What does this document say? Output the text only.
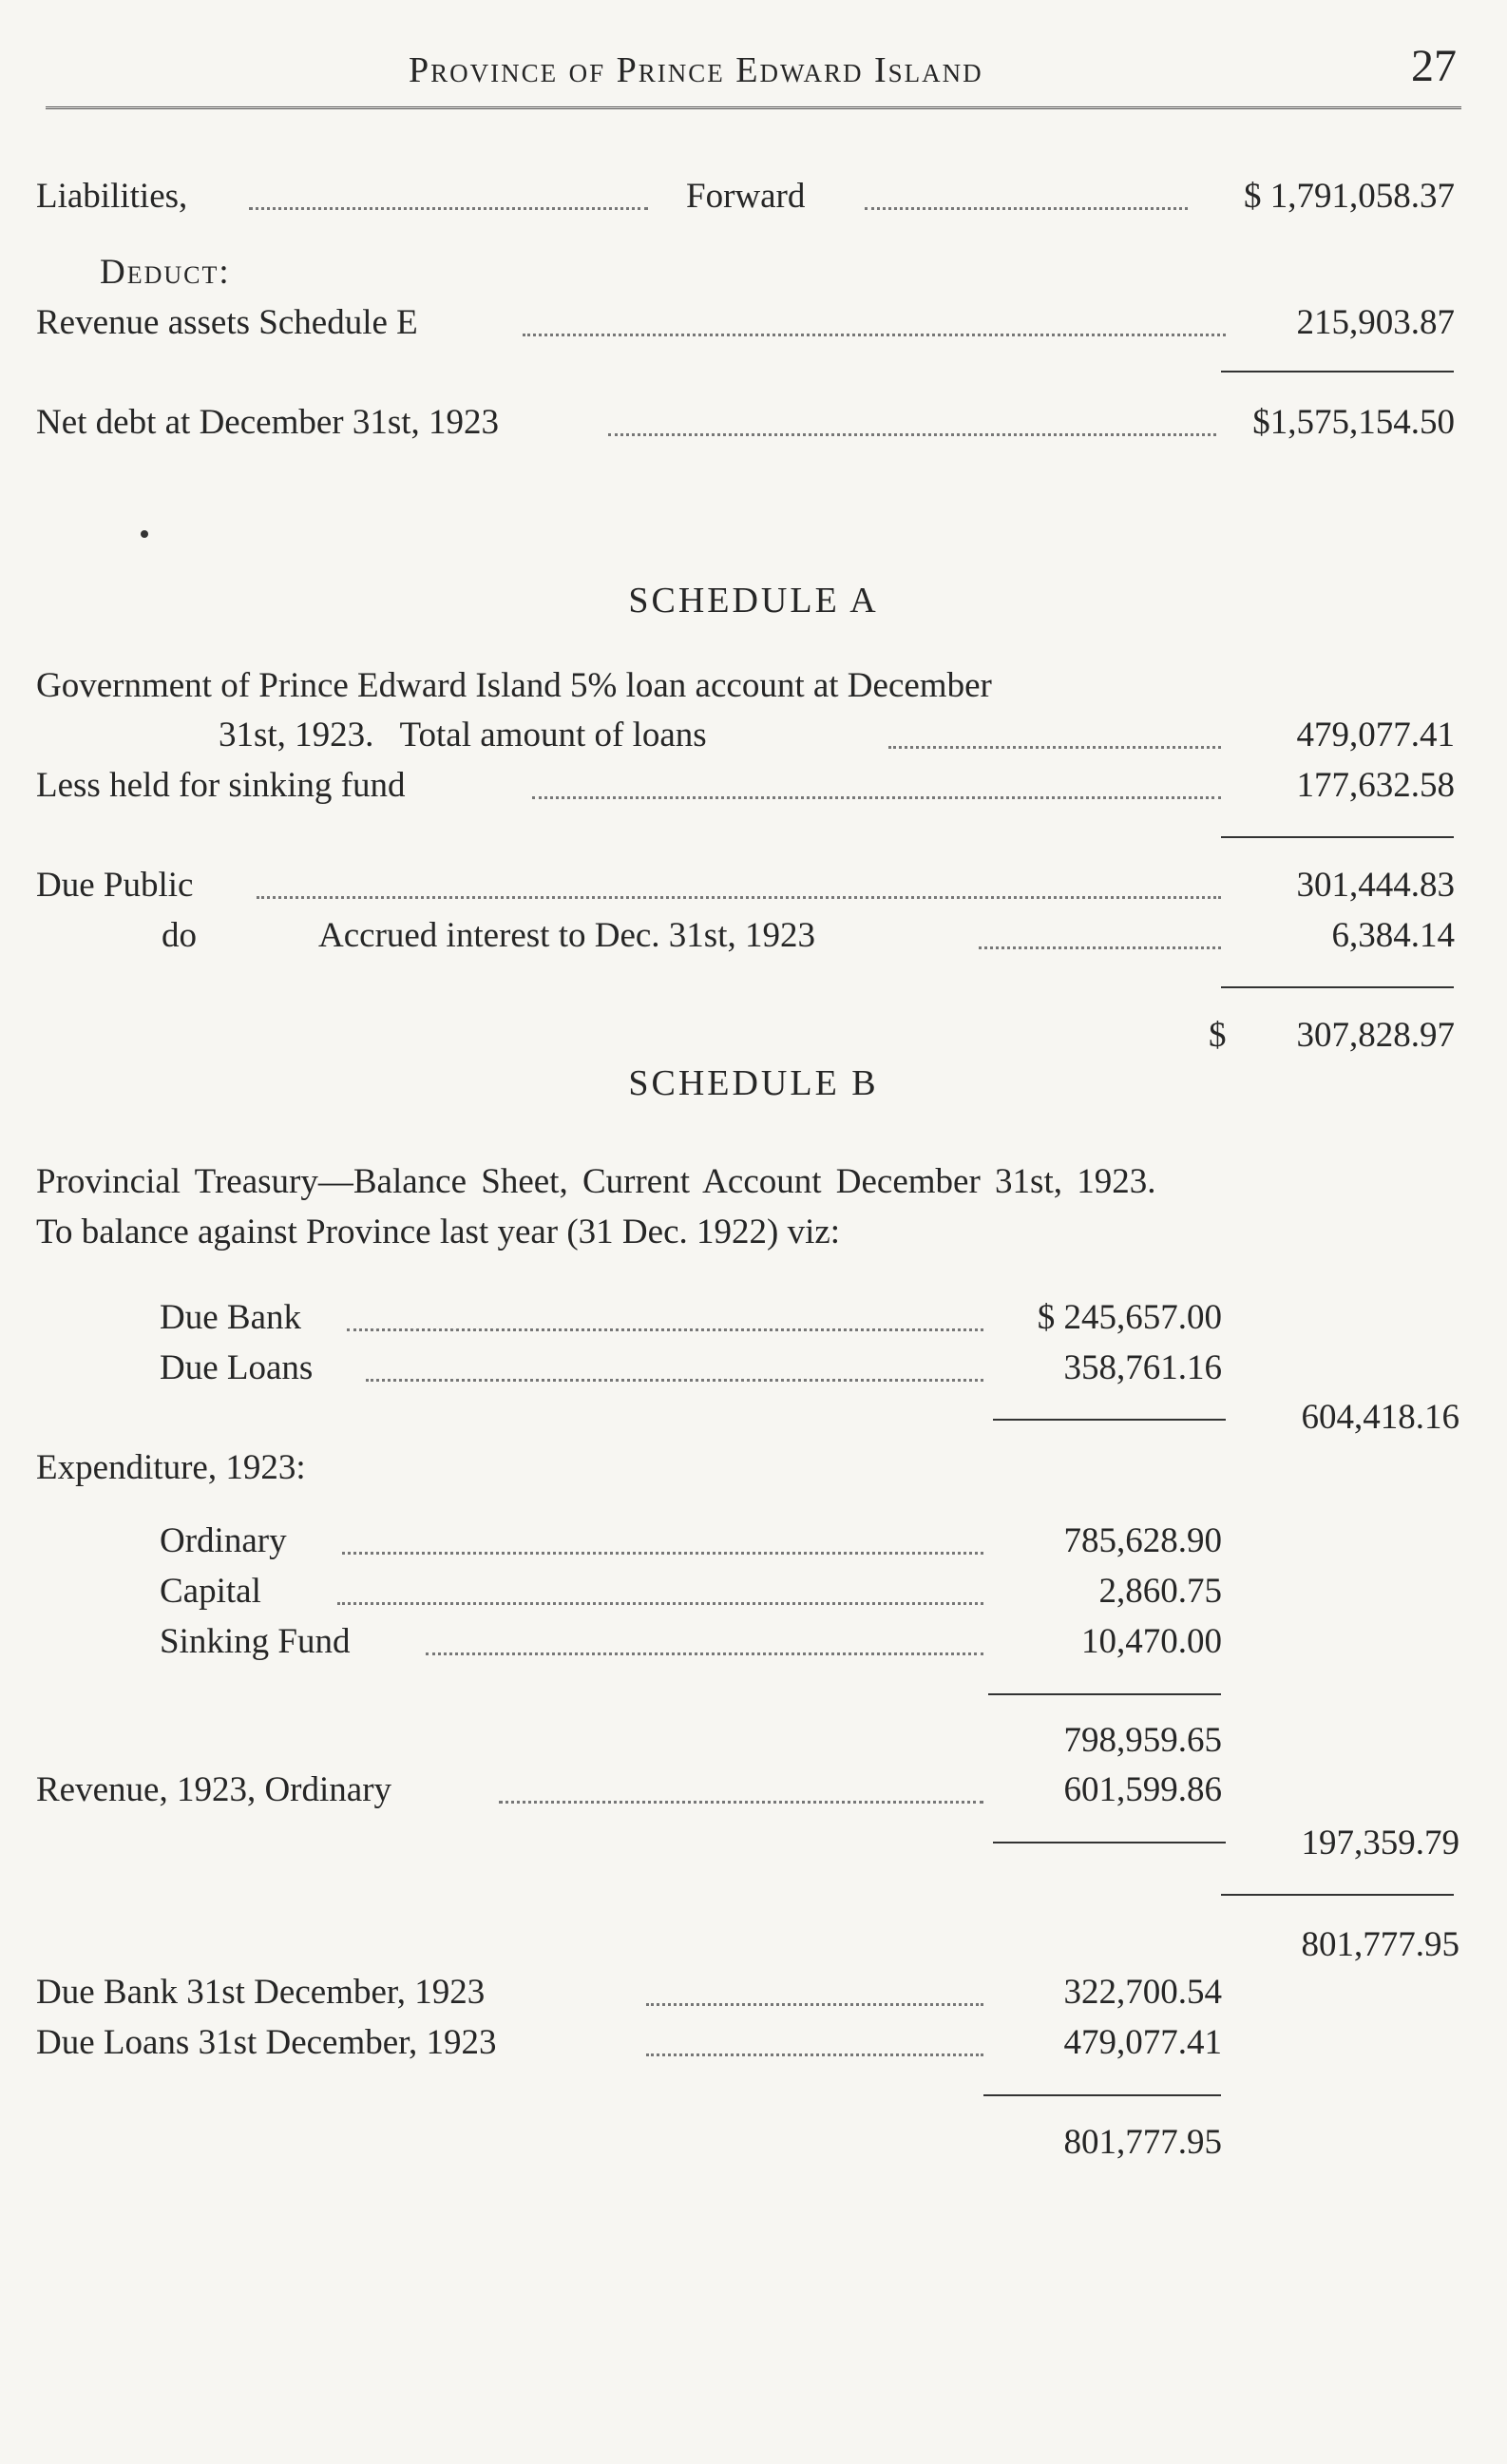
Province of Prince Edward Island	27
Liabilities,	Forward	$ 1,791,058.37
Deduct:
Revenue assets Schedule E	215,903.87
Net debt at December 31st, 1923	$1,575,154.50
SCHEDULE A
Government of Prince Edward Island 5% loan account at December
31st, 1923.   Total amount of loans	479,077.41
Less held for sinking fund	177,632.58
Due Public	301,444.83
do	Accrued interest to Dec. 31st, 1923	6,384.14
$ 307,828.97
SCHEDULE B
Provincial Treasury—Balance Sheet, Current Account December 31st, 1923.
To balance against Province last year (31 Dec. 1922) viz:
Due Bank	$ 245,657.00
Due Loans	358,761.16
604,418.16
Expenditure, 1923:
Ordinary	785,628.90
Capital	2,860.75
Sinking Fund	10,470.00
798,959.65
Revenue, 1923, Ordinary	601,599.86
197,359.79
801,777.95
Due Bank 31st December, 1923	322,700.54
Due Loans 31st December, 1923	479,077.41
801,777.95
